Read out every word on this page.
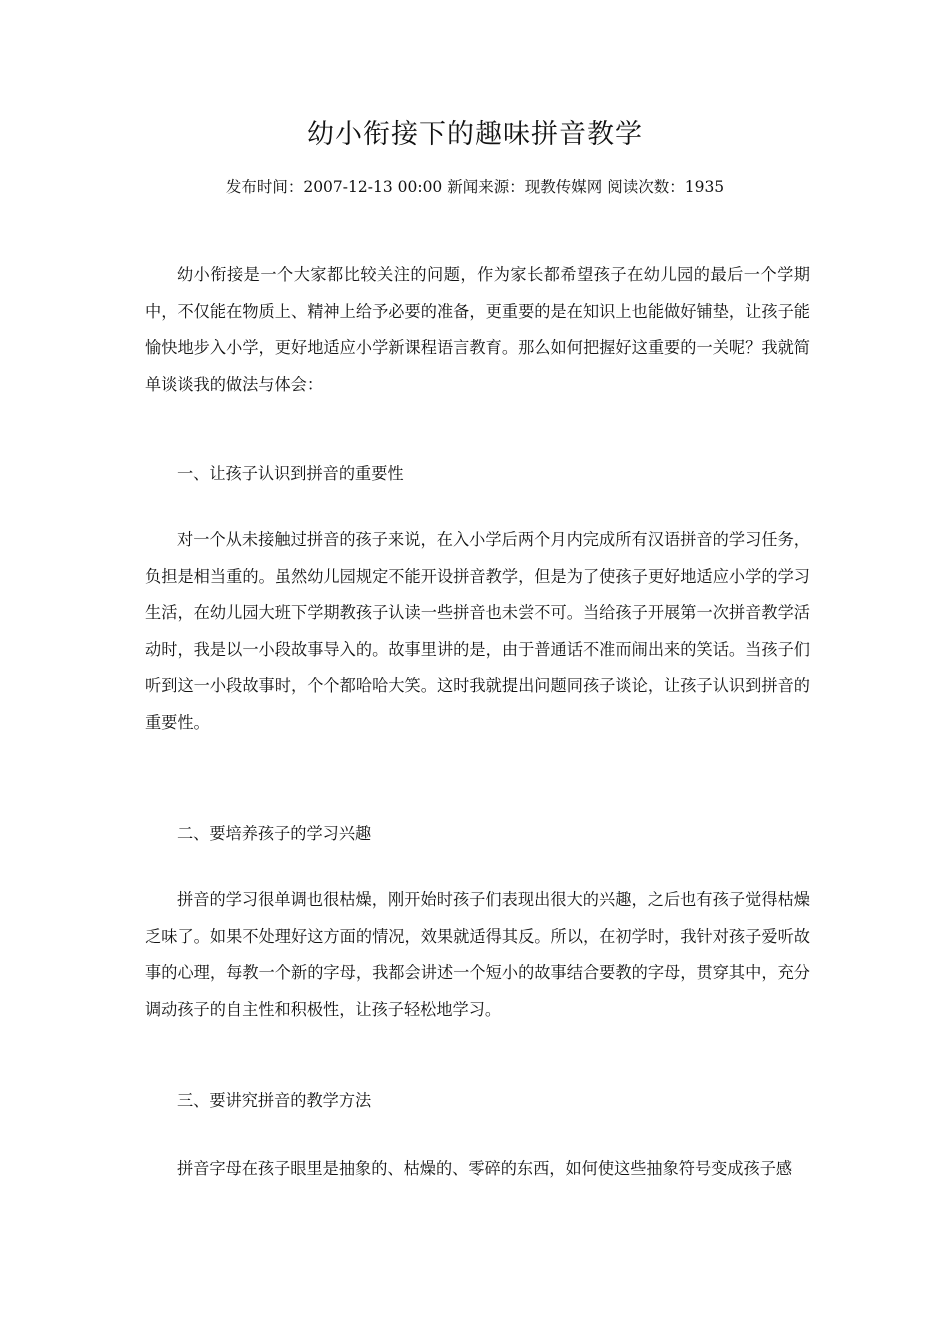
幼小衔接下的趣味拼音教学

发布时间：2007-12-13 00:00 新闻来源：现教传媒网 阅读次数：1935

幼小衔接是一个大家都比较关注的问题，作为家长都希望孩子在幼儿园的最后一个学期中，不仅能在物质上、精神上给予必要的准备，更重要的是在知识上也能做好铺垫，让孩子能愉快地步入小学，更好地适应小学新课程语言教育。那么如何把握好这重要的一关呢？我就简单谈谈我的做法与体会：

一、让孩子认识到拼音的重要性

对一个从未接触过拼音的孩子来说，在入小学后两个月内完成所有汉语拼音的学习任务，负担是相当重的。虽然幼儿园规定不能开设拼音教学，但是为了使孩子更好地适应小学的学习生活，在幼儿园大班下学期教孩子认读一些拼音也未尝不可。当给孩子开展第一次拼音教学活动时，我是以一小段故事导入的。故事里讲的是，由于普通话不准而闹出来的笑话。当孩子们听到这一小段故事时，个个都哈哈大笑。这时我就提出问题同孩子谈论，让孩子认识到拼音的重要性。

二、要培养孩子的学习兴趣

拼音的学习很单调也很枯燥，刚开始时孩子们表现出很大的兴趣，之后也有孩子觉得枯燥乏味了。如果不处理好这方面的情况，效果就适得其反。所以，在初学时，我针对孩子爱听故事的心理，每教一个新的字母，我都会讲述一个短小的故事结合要教的字母，贯穿其中，充分调动孩子的自主性和积极性，让孩子轻松地学习。

三、要讲究拼音的教学方法

拼音字母在孩子眼里是抽象的、枯燥的、零碎的东西，如何使这些抽象符号变成孩子感
